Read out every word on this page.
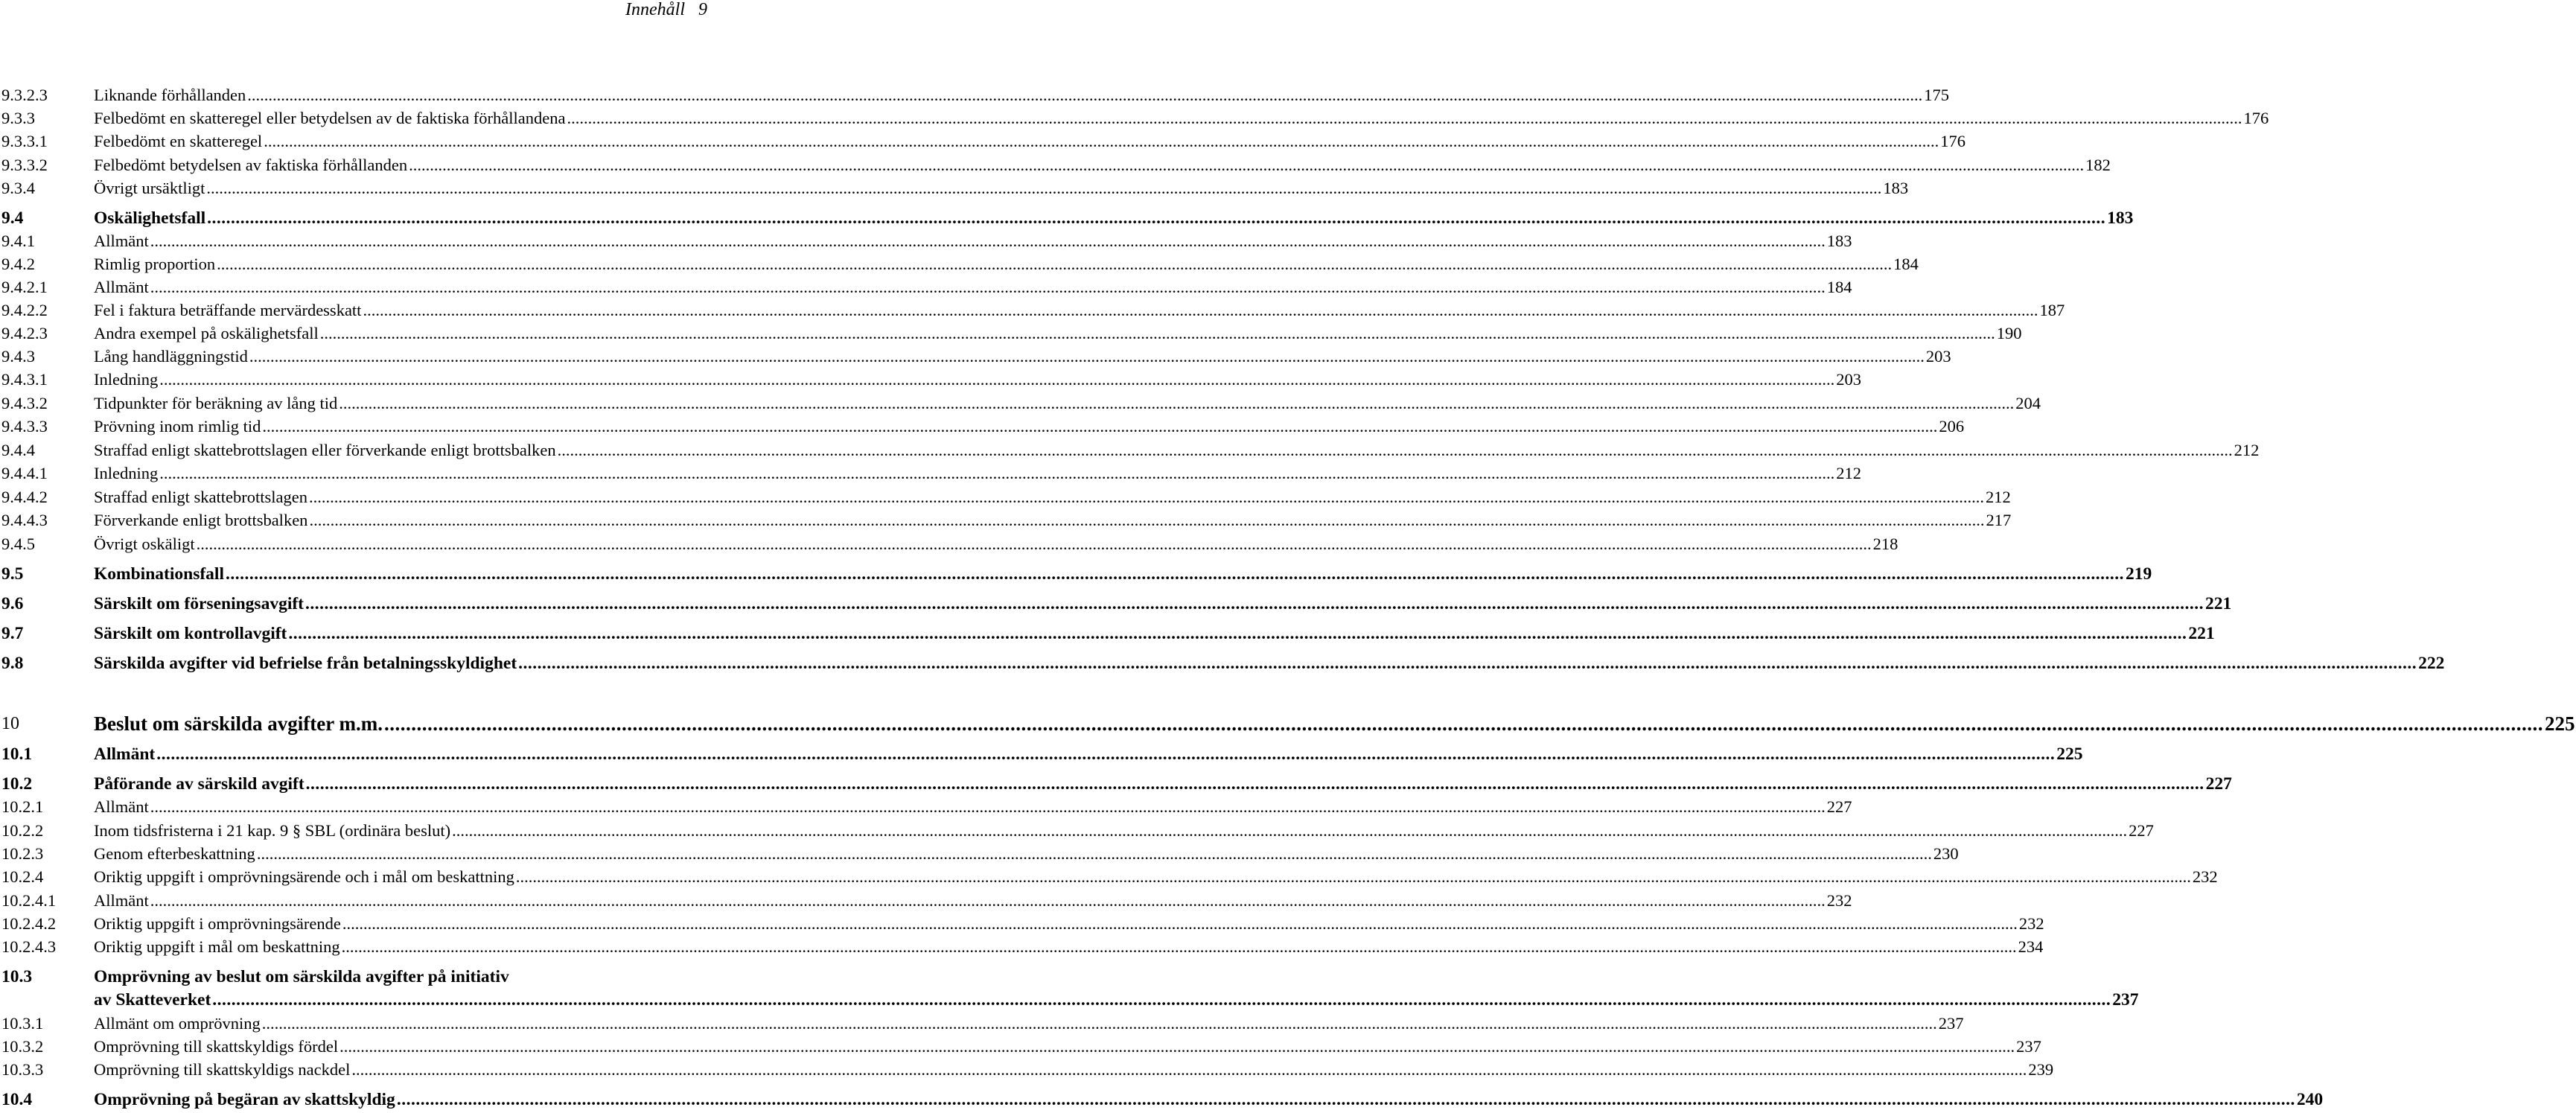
Innehåll 9
9.3.2.3	Liknande förhållanden ................................................................................................................................................................................................................................................................................................................................................................................................................ 175
9.3.3	Felbedömt en skatteregel eller betydelsen av de faktiska förhållandena ................................................................................................................................................................................................................................................................................................................................................................................................................ 176
9.3.3.1	Felbedömt en skatteregel ................................................................................................................................................................................................................................................................................................................................................................................................................ 176
9.3.3.2	Felbedömt betydelsen av faktiska förhållanden ................................................................................................................................................................................................................................................................................................................................................................................................................ 182
9.3.4	Övrigt ursäktligt ................................................................................................................................................................................................................................................................................................................................................................................................................ 183
9.4	Oskälighetsfall ................................................................................................................................................................................................................................................................................................................................................................................................................ 183
9.4.1	Allmänt ................................................................................................................................................................................................................................................................................................................................................................................................................ 183
9.4.2	Rimlig proportion ................................................................................................................................................................................................................................................................................................................................................................................................................ 184
9.4.2.1	Allmänt ................................................................................................................................................................................................................................................................................................................................................................................................................ 184
9.4.2.2	Fel i faktura beträffande mervärdesskatt ................................................................................................................................................................................................................................................................................................................................................................................................................ 187
9.4.2.3	Andra exempel på oskälighetsfall ................................................................................................................................................................................................................................................................................................................................................................................................................ 190
9.4.3	Lång handläggningstid ................................................................................................................................................................................................................................................................................................................................................................................................................ 203
9.4.3.1	Inledning ................................................................................................................................................................................................................................................................................................................................................................................................................ 203
9.4.3.2	Tidpunkter för beräkning av lång tid ................................................................................................................................................................................................................................................................................................................................................................................................................ 204
9.4.3.3	Prövning inom rimlig tid ................................................................................................................................................................................................................................................................................................................................................................................................................ 206
9.4.4	Straffad enligt skattebrottslagen eller förverkande enligt brottsbalken ................................................................................................................................................................................................................................................................................................................................................................................................................ 212
9.4.4.1	Inledning ................................................................................................................................................................................................................................................................................................................................................................................................................ 212
9.4.4.2	Straffad enligt skattebrottslagen ................................................................................................................................................................................................................................................................................................................................................................................................................ 212
9.4.4.3	Förverkande enligt brottsbalken ................................................................................................................................................................................................................................................................................................................................................................................................................ 217
9.4.5	Övrigt oskäligt ................................................................................................................................................................................................................................................................................................................................................................................................................ 218
9.5	Kombinationsfall ................................................................................................................................................................................................................................................................................................................................................................................................................ 219
9.6	Särskilt om förseningsavgift ................................................................................................................................................................................................................................................................................................................................................................................................................ 221
9.7	Särskilt om kontrollavgift ................................................................................................................................................................................................................................................................................................................................................................................................................ 221
9.8	Särskilda avgifter vid befrielse från betalningsskyldighet ................................................................................................................................................................................................................................................................................................................................................................................................................ 222
10	Beslut om särskilda avgifter m.m. ................................................................................................................................................................................................................................................................................................................................................................................................................ 225
10.1	Allmänt ................................................................................................................................................................................................................................................................................................................................................................................................................ 225
10.2	Påförande av särskild avgift ................................................................................................................................................................................................................................................................................................................................................................................................................ 227
10.2.1	Allmänt ................................................................................................................................................................................................................................................................................................................................................................................................................ 227
10.2.2	Inom tidsfristerna i 21 kap. 9 § SBL (ordinära beslut) ................................................................................................................................................................................................................................................................................................................................................................................................................ 227
10.2.3	Genom efterbeskattning ................................................................................................................................................................................................................................................................................................................................................................................................................ 230
10.2.4	Oriktig uppgift i omprövningsärende och i mål om beskattning ................................................................................................................................................................................................................................................................................................................................................................................................................ 232
10.2.4.1 Allmänt ................................................................................................................................................................................................................................................................................................................................................................................................................ 232
10.2.4.2 Oriktig uppgift i omprövningsärende ................................................................................................................................................................................................................................................................................................................................................................................................................ 232
10.2.4.3 Oriktig uppgift i mål om beskattning ................................................................................................................................................................................................................................................................................................................................................................................................................ 234
10.3	Omprövning av beslut om särskilda avgifter på initiativ
av Skatteverket ................................................................................................................................................................................................................................................................................................................................................................................................................ 237
10.3.1	Allmänt om omprövning ................................................................................................................................................................................................................................................................................................................................................................................................................ 237
10.3.2	Omprövning till skattskyldigs fördel ................................................................................................................................................................................................................................................................................................................................................................................................................ 237
10.3.3	Omprövning till skattskyldigs nackdel ................................................................................................................................................................................................................................................................................................................................................................................................................ 239
10.4	Omprövning på begäran av skattskyldig ................................................................................................................................................................................................................................................................................................................................................................................................................ 240
